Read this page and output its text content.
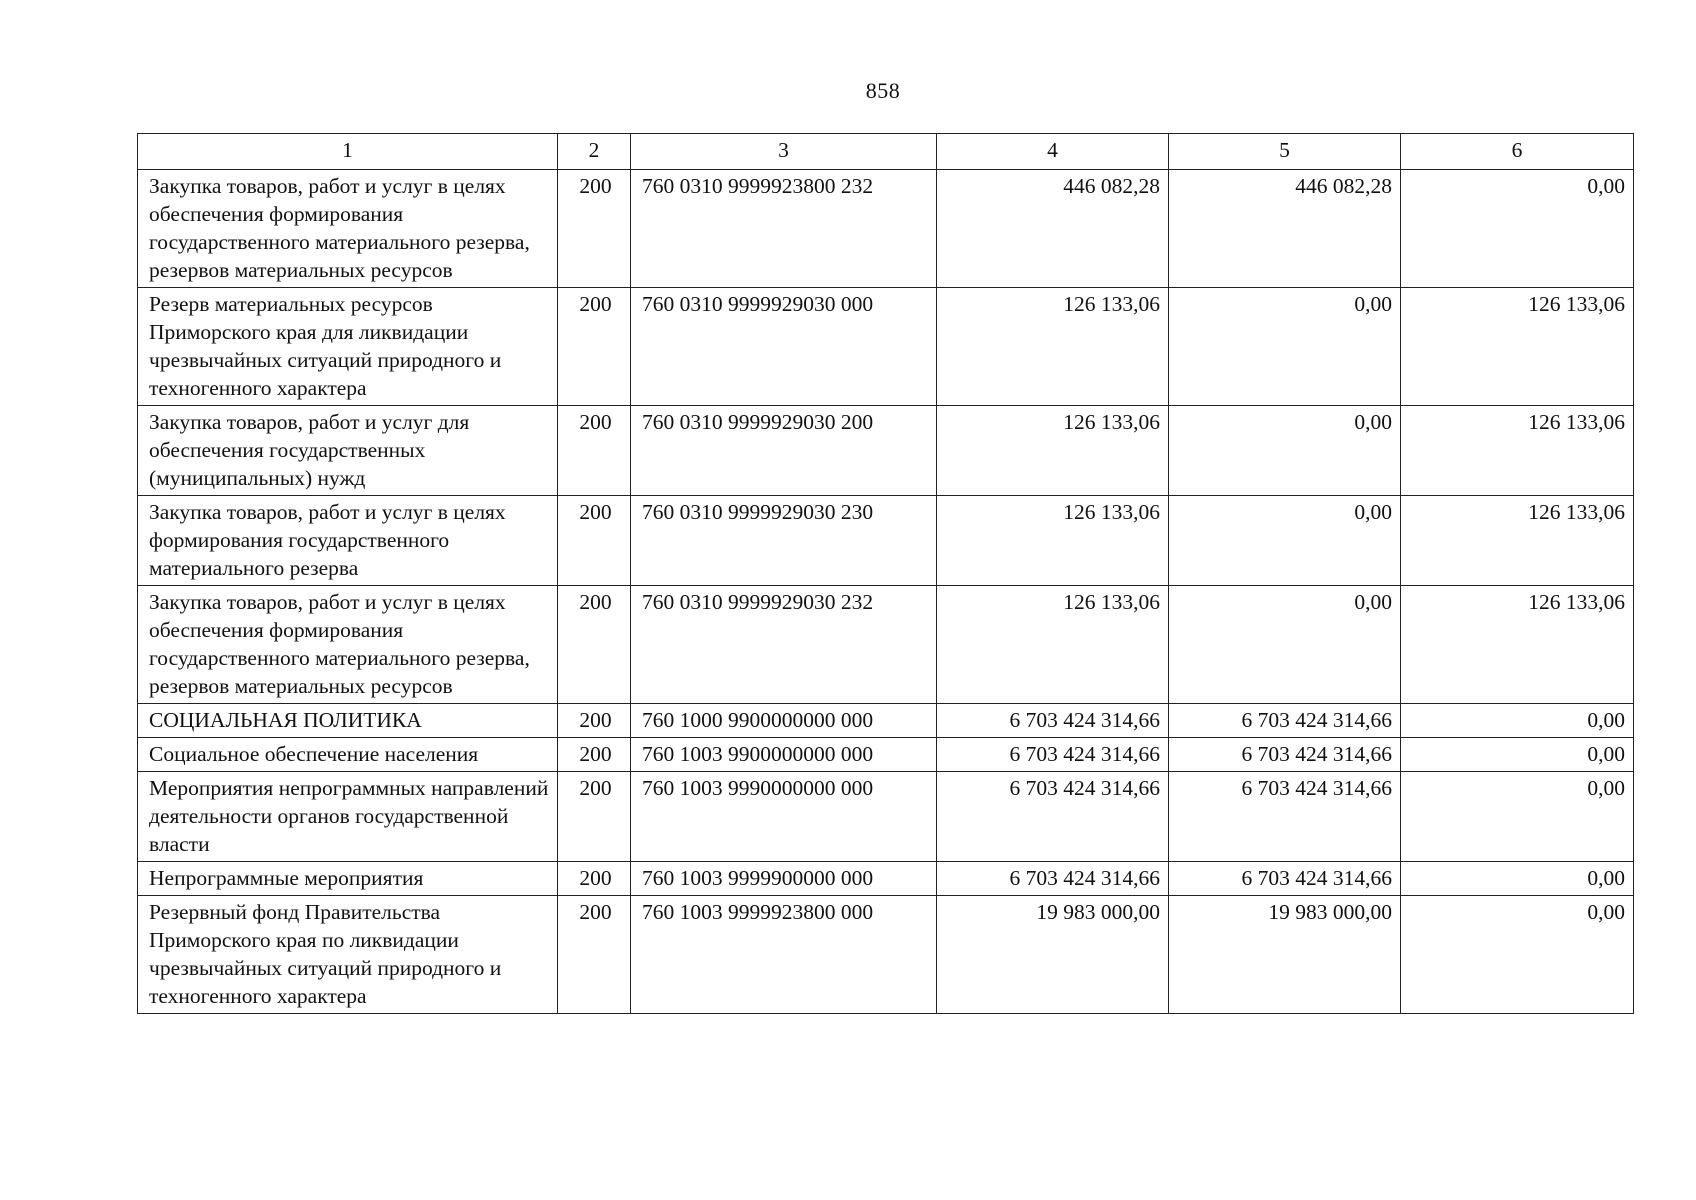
858
1	2	3	4	5	6
Закупка товаров, работ и услуг в целях обеспечения формирования государственного материального резерва, резервов материальных ресурсов	200	760 0310 9999923800 232	446 082,28	446 082,28	0,00
Резерв материальных ресурсов Приморского края для ликвидации чрезвычайных ситуаций природного и техногенного характера	200	760 0310 9999929030 000	126 133,06	0,00	126 133,06
Закупка товаров, работ и услуг для обеспечения государственных (муниципальных) нужд	200	760 0310 9999929030 200	126 133,06	0,00	126 133,06
Закупка товаров, работ и услуг в целях формирования государственного материального резерва	200	760 0310 9999929030 230	126 133,06	0,00	126 133,06
Закупка товаров, работ и услуг в целях обеспечения формирования государственного материального резерва, резервов материальных ресурсов	200	760 0310 9999929030 232	126 133,06	0,00	126 133,06
СОЦИАЛЬНАЯ ПОЛИТИКА	200	760 1000 9900000000 000	6 703 424 314,66	6 703 424 314,66	0,00
Социальное обеспечение населения	200	760 1003 9900000000 000	6 703 424 314,66	6 703 424 314,66	0,00
Мероприятия непрограммных направлений деятельности органов государственной власти	200	760 1003 9990000000 000	6 703 424 314,66	6 703 424 314,66	0,00
Непрограммные мероприятия	200	760 1003 9999900000 000	6 703 424 314,66	6 703 424 314,66	0,00
Резервный фонд Правительства Приморского края по ликвидации чрезвычайных ситуаций природного и техногенного характера	200	760 1003 9999923800 000	19 983 000,00	19 983 000,00	0,00
